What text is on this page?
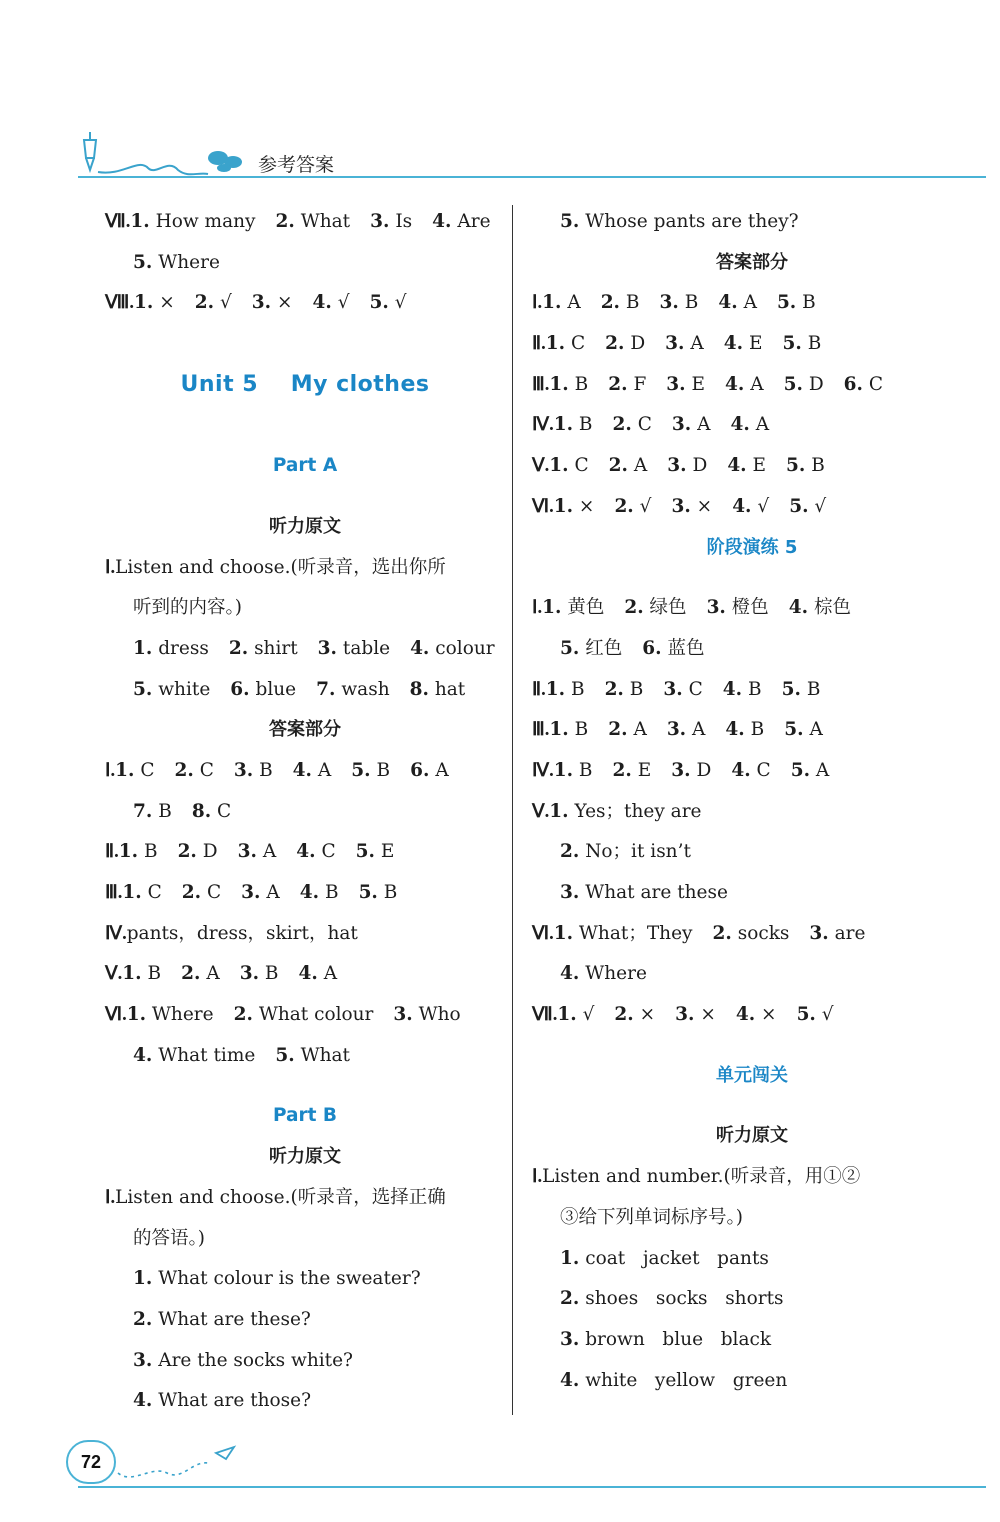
参考答案
Ⅶ.1. How many 2. What 3. Is 4. Are
5. Where
Ⅷ.1. × 2. √ 3. × 4. √ 5. √
Unit 5    My clothes
Part A
听力原文
Ⅰ.Listen and choose.(听录音，选出你所
听到的内容。)
1. dress 2. shirt 3. table 4. colour
5. white 6. blue 7. wash 8. hat
答案部分
Ⅰ.1. C 2. C 3. B 4. A 5. B 6. A
7. B 8. C
Ⅱ.1. B 2. D 3. A 4. C 5. E
Ⅲ.1. C 2. C 3. A 4. B 5. B
Ⅳ.pants，dress，skirt，hat
Ⅴ.1. B 2. A 3. B 4. A
Ⅵ.1. Where 2. What colour 3. Who
4. What time 5. What
Part B
听力原文
Ⅰ.Listen and choose.(听录音，选择正确
的答语。)
1. What colour is the sweater?
2. What are these?
3. Are the socks white?
4. What are those?
5. Whose pants are they?
答案部分
Ⅰ.1. A 2. B 3. B 4. A 5. B
Ⅱ.1. C 2. D 3. A 4. E 5. B
Ⅲ.1. B 2. F 3. E 4. A 5. D 6. C
Ⅳ.1. B 2. C 3. A 4. A
Ⅴ.1. C 2. A 3. D 4. E 5. B
Ⅵ.1. × 2. √ 3. × 4. √ 5. √
阶段演练 5
Ⅰ.1. 黄色 2. 绿色 3. 橙色 4. 棕色
5. 红色 6. 蓝色
Ⅱ.1. B 2. B 3. C 4. B 5. B
Ⅲ.1. B 2. A 3. A 4. B 5. A
Ⅳ.1. B 2. E 3. D 4. C 5. A
Ⅴ.1. Yes；they are
2. No；it isn’t
3. What are these
Ⅵ.1. What；They 2. socks 3. are
4. Where
Ⅶ.1. √ 2. × 3. × 4. × 5. √
单元闯关
听力原文
Ⅰ.Listen and number.(听录音，用①②
③给下列单词标序号。)
1. coat   jacket   pants
2. shoes   socks   shorts
3. brown   blue   black
4. white   yellow   green
72
